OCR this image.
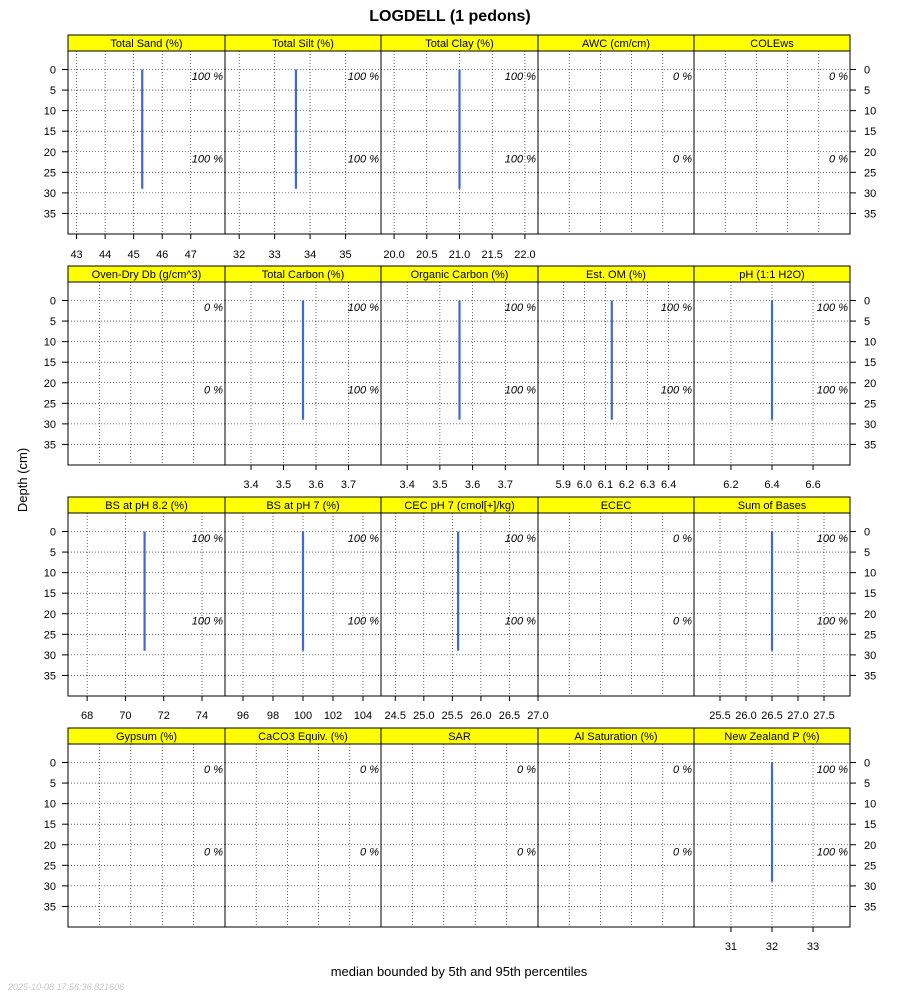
LOGDELL (1 pedons)
Depth (cm)
median bounded by 5th and 95th percentiles
2025-10-08 17:56:36.821606
Total Sand (%)
100 %
100 %
43 44 45 46 47
Total Silt (%)
100 %
100 %
32 33 34 35
Total Clay (%)
100 %
100 %
20.0 20.5 21.0 21.5 22.0
AWC (cm/cm)
0 %
0 %
COLEws
0 %
0 %
Oven-Dry Db (g/cm^3)
0 %
0 %
Total Carbon (%)
100 %
100 %
3.4 3.5 3.6 3.7
Organic Carbon (%)
100 %
100 %
3.4 3.5 3.6 3.7
Est. OM (%)
100 %
100 %
5.9 6.0 6.1 6.2 6.3 6.4
pH (1:1 H2O)
100 %
100 %
6.2 6.4 6.6
BS at pH 8.2 (%)
100 %
100 %
68 70 72 74
BS at pH 7 (%)
100 %
100 %
96 98 100 102 104
CEC pH 7 (cmol[+]/kg)
100 %
100 %
24.5 25.0 25.5 26.0 26.5 27.0
ECEC
0 %
0 %
Sum of Bases
100 %
100 %
25.5 26.0 26.5 27.0 27.5
Gypsum (%)
0 %
0 %
CaCO3 Equiv. (%)
0 %
0 %
SAR
0 %
0 %
Al Saturation (%)
0 %
0 %
New Zealand P (%)
100 %
100 %
31	32	33
0	0
5	5
10	10
15	15
20	20
25	25
30	30
35	35
0	0
5	5
10	10
15	15
20	20
25	25
30	30
35	35
0	0
5	5
10	10
15	15
20	20
25	25
30	30
35	35
0	0
5	5
10	10
15	15
20	20
25	25
30	30
35	35
